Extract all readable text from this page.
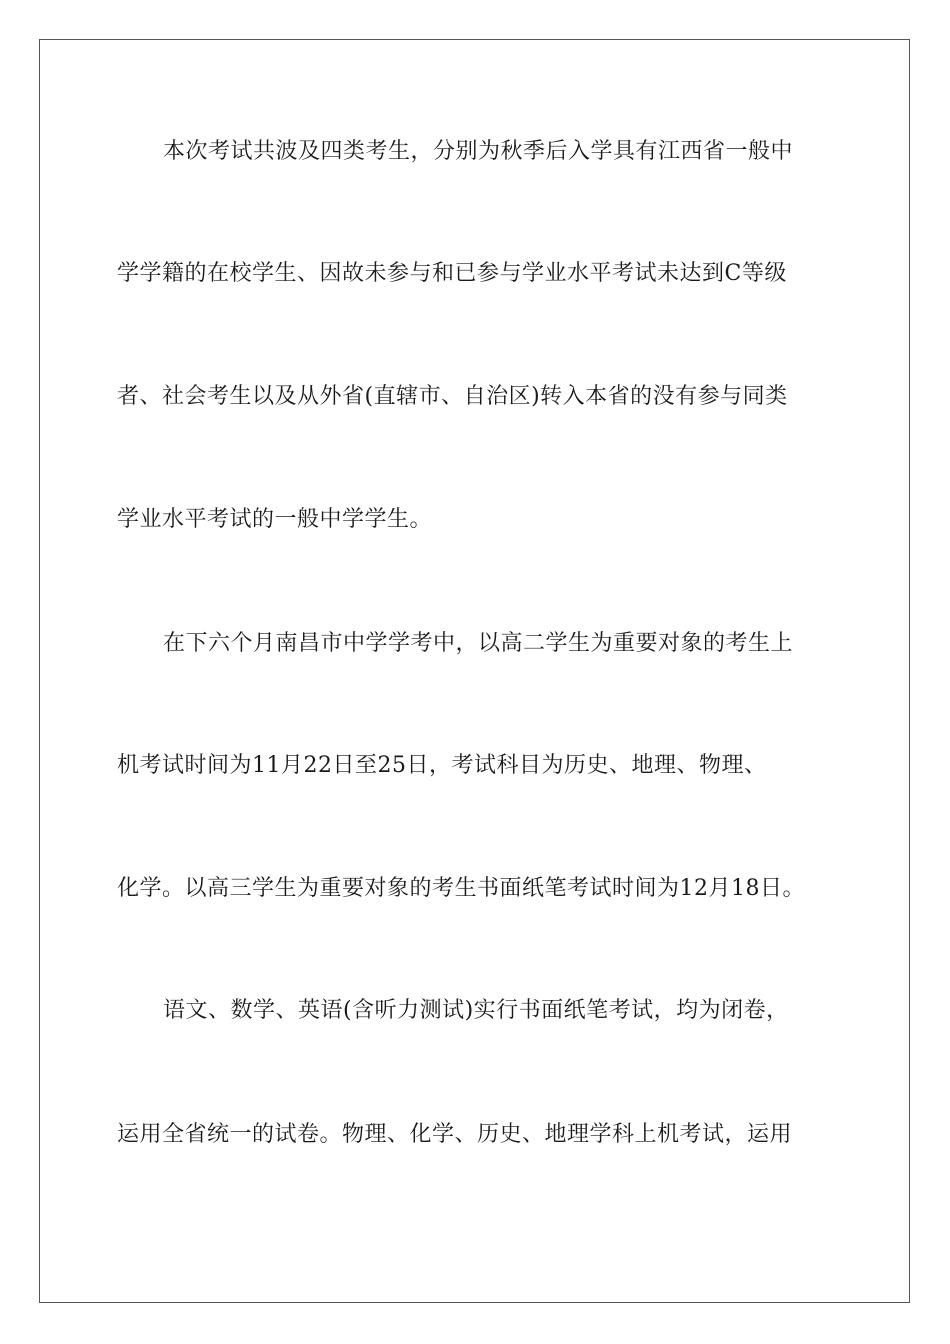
本次考试共波及四类考生，分别为秋季后入学具有江西省一般中
学学籍的在校学生、因故未参与和已参与学业水平考试未达到C等级
者、社会考生以及从外省(直辖市、自治区)转入本省的没有参与同类
学业水平考试的一般中学学生。
在下六个月南昌市中学学考中，以高二学生为重要对象的考生上
机考试时间为11月22日至25日，考试科目为历史、地理、物理、
化学。以高三学生为重要对象的考生书面纸笔考试时间为12月18日。
语文、数学、英语(含听力测试)实行书面纸笔考试，均为闭卷，
运用全省统一的试卷。物理、化学、历史、地理学科上机考试，运用
